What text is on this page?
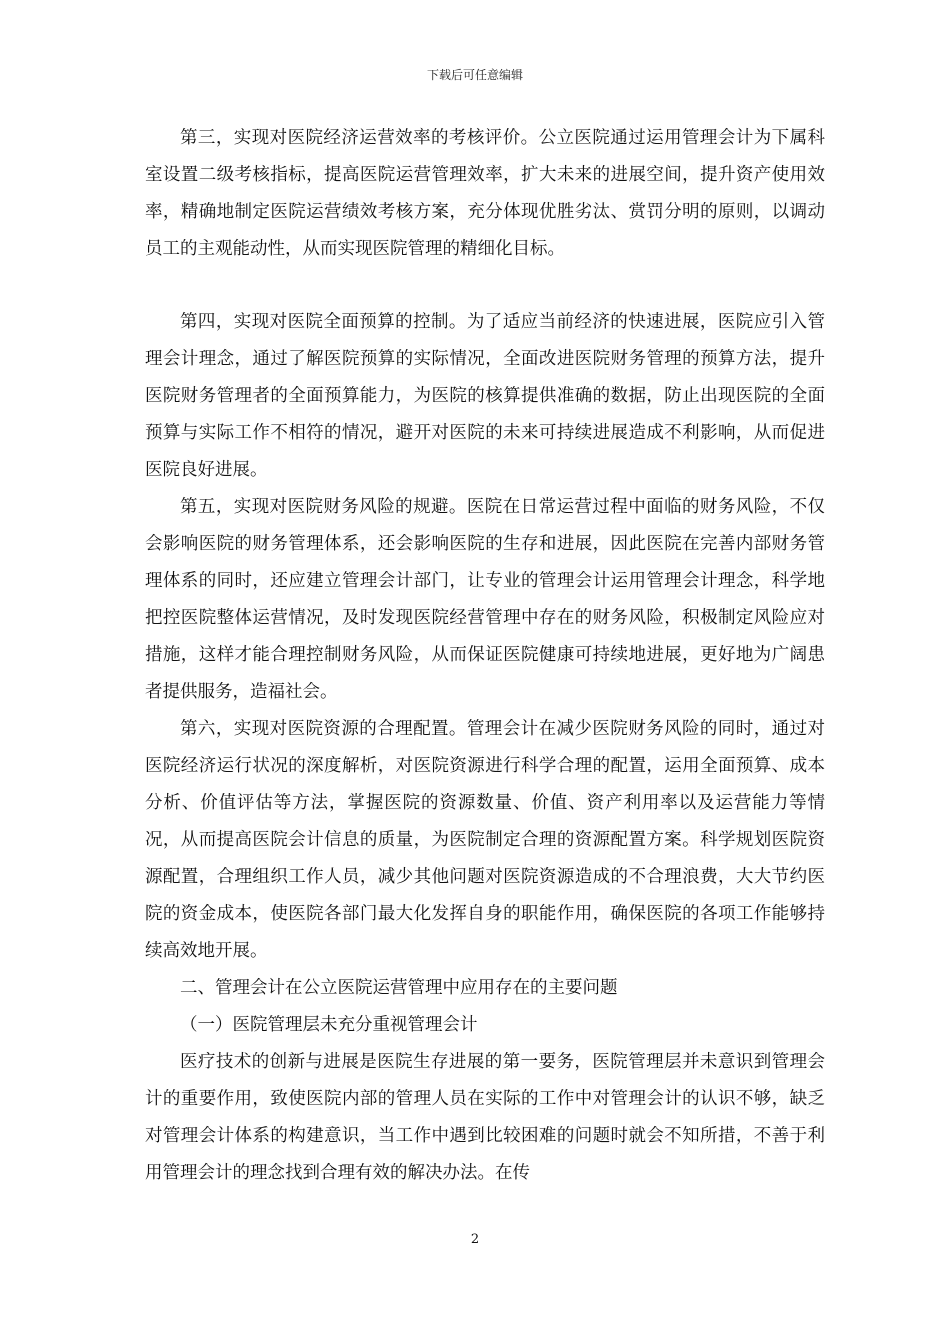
下载后可任意编辑

第三，实现对医院经济运营效率的考核评价。公立医院通过运用管理会计为下属科室设置二级考核指标，提高医院运营管理效率，扩大未来的进展空间，提升资产使用效率，精确地制定医院运营绩效考核方案，充分体现优胜劣汰、赏罚分明的原则，以调动员工的主观能动性，从而实现医院管理的精细化目标。

第四，实现对医院全面预算的控制。为了适应当前经济的快速进展，医院应引入管理会计理念，通过了解医院预算的实际情况，全面改进医院财务管理的预算方法，提升医院财务管理者的全面预算能力，为医院的核算提供准确的数据，防止出现医院的全面预算与实际工作不相符的情况，避开对医院的未来可持续进展造成不利影响，从而促进医院良好进展。

第五，实现对医院财务风险的规避。医院在日常运营过程中面临的财务风险，不仅会影响医院的财务管理体系，还会影响医院的生存和进展，因此医院在完善内部财务管理体系的同时，还应建立管理会计部门，让专业的管理会计运用管理会计理念，科学地把控医院整体运营情况，及时发现医院经营管理中存在的财务风险，积极制定风险应对措施，这样才能合理控制财务风险，从而保证医院健康可持续地进展，更好地为广阔患者提供服务，造福社会。

第六，实现对医院资源的合理配置。管理会计在减少医院财务风险的同时，通过对医院经济运行状况的深度解析，对医院资源进行科学合理的配置，运用全面预算、成本分析、价值评估等方法，掌握医院的资源数量、价值、资产利用率以及运营能力等情况，从而提高医院会计信息的质量，为医院制定合理的资源配置方案。科学规划医院资源配置，合理组织工作人员，减少其他问题对医院资源造成的不合理浪费，大大节约医院的资金成本，使医院各部门最大化发挥自身的职能作用，确保医院的各项工作能够持续高效地开展。

二、管理会计在公立医院运营管理中应用存在的主要问题

（一）医院管理层未充分重视管理会计

医疗技术的创新与进展是医院生存进展的第一要务，医院管理层并未意识到管理会计的重要作用，致使医院内部的管理人员在实际的工作中对管理会计的认识不够，缺乏对管理会计体系的构建意识，当工作中遇到比较困难的问题时就会不知所措，不善于利用管理会计的理念找到合理有效的解决办法。在传

2
